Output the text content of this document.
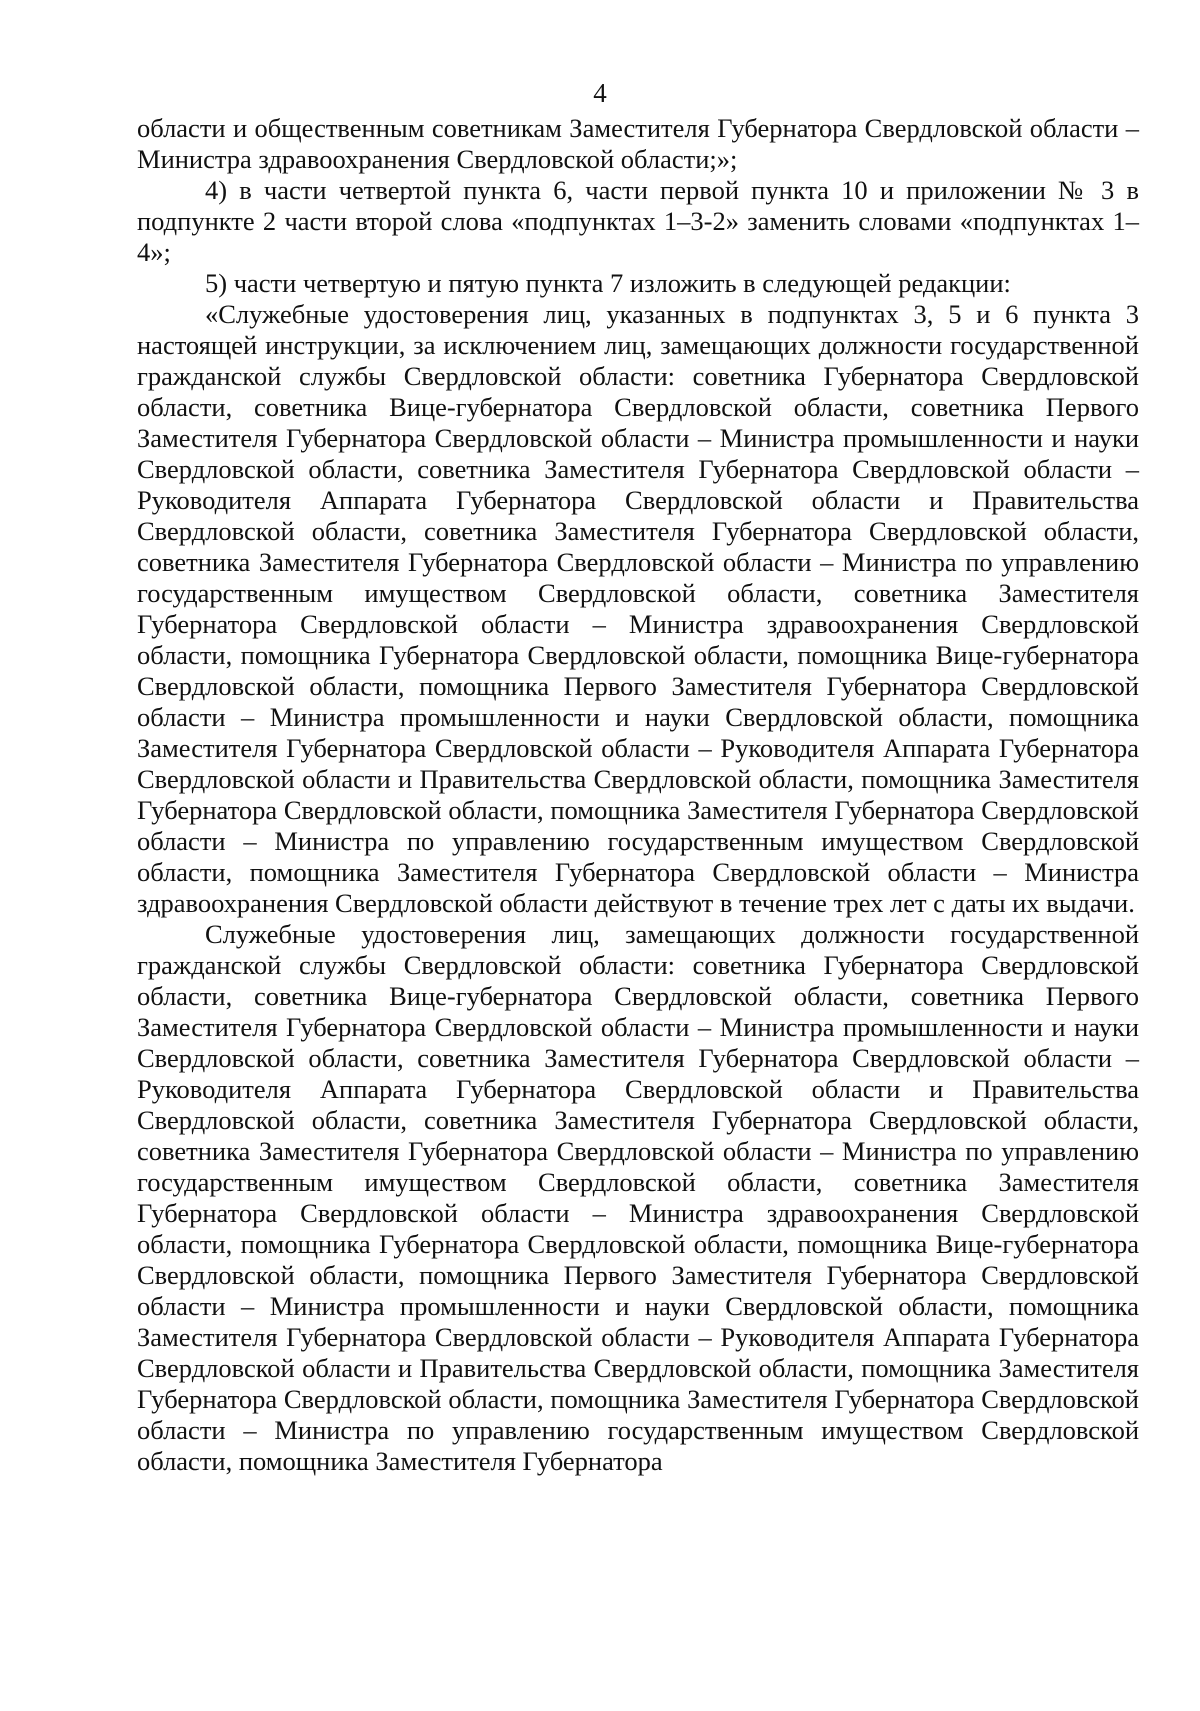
4

области и общественным советникам Заместителя Губернатора Свердловской области – Министра здравоохранения Свердловской области;»;

4) в части четвертой пункта 6, части первой пункта 10 и приложении № 3 в подпункте 2 части второй слова «подпунктах 1–3-2» заменить словами «подпунктах 1–4»;

5) части четвертую и пятую пункта 7 изложить в следующей редакции:

«Служебные удостоверения лиц, указанных в подпунктах 3, 5 и 6 пункта 3 настоящей инструкции, за исключением лиц, замещающих должности государственной гражданской службы Свердловской области: советника Губернатора Свердловской области, советника Вице-губернатора Свердловской области, советника Первого Заместителя Губернатора Свердловской области – Министра промышленности и науки Свердловской области, советника Заместителя Губернатора Свердловской области – Руководителя Аппарата Губернатора Свердловской области и Правительства Свердловской области, советника Заместителя Губернатора Свердловской области, советника Заместителя Губернатора Свердловской области – Министра по управлению государственным имуществом Свердловской области, советника Заместителя Губернатора Свердловской области – Министра здравоохранения Свердловской области, помощника Губернатора Свердловской области, помощника Вице-губернатора Свердловской области, помощника Первого Заместителя Губернатора Свердловской области – Министра промышленности и науки Свердловской области, помощника Заместителя Губернатора Свердловской области – Руководителя Аппарата Губернатора Свердловской области и Правительства Свердловской области, помощника Заместителя Губернатора Свердловской области, помощника Заместителя Губернатора Свердловской области – Министра по управлению государственным имуществом Свердловской области, помощника Заместителя Губернатора Свердловской области – Министра здравоохранения Свердловской области действуют в течение трех лет с даты их выдачи.

Служебные удостоверения лиц, замещающих должности государственной гражданской службы Свердловской области: советника Губернатора Свердловской области, советника Вице-губернатора Свердловской области, советника Первого Заместителя Губернатора Свердловской области – Министра промышленности и науки Свердловской области, советника Заместителя Губернатора Свердловской области – Руководителя Аппарата Губернатора Свердловской области и Правительства Свердловской области, советника Заместителя Губернатора Свердловской области, советника Заместителя Губернатора Свердловской области – Министра по управлению государственным имуществом Свердловской области, советника Заместителя Губернатора Свердловской области – Министра здравоохранения Свердловской области, помощника Губернатора Свердловской области, помощника Вице-губернатора Свердловской области, помощника Первого Заместителя Губернатора Свердловской области – Министра промышленности и науки Свердловской области, помощника Заместителя Губернатора Свердловской области – Руководителя Аппарата Губернатора Свердловской области и Правительства Свердловской области, помощника Заместителя Губернатора Свердловской области, помощника Заместителя Губернатора Свердловской области – Министра по управлению государственным имуществом Свердловской области, помощника Заместителя Губернатора
